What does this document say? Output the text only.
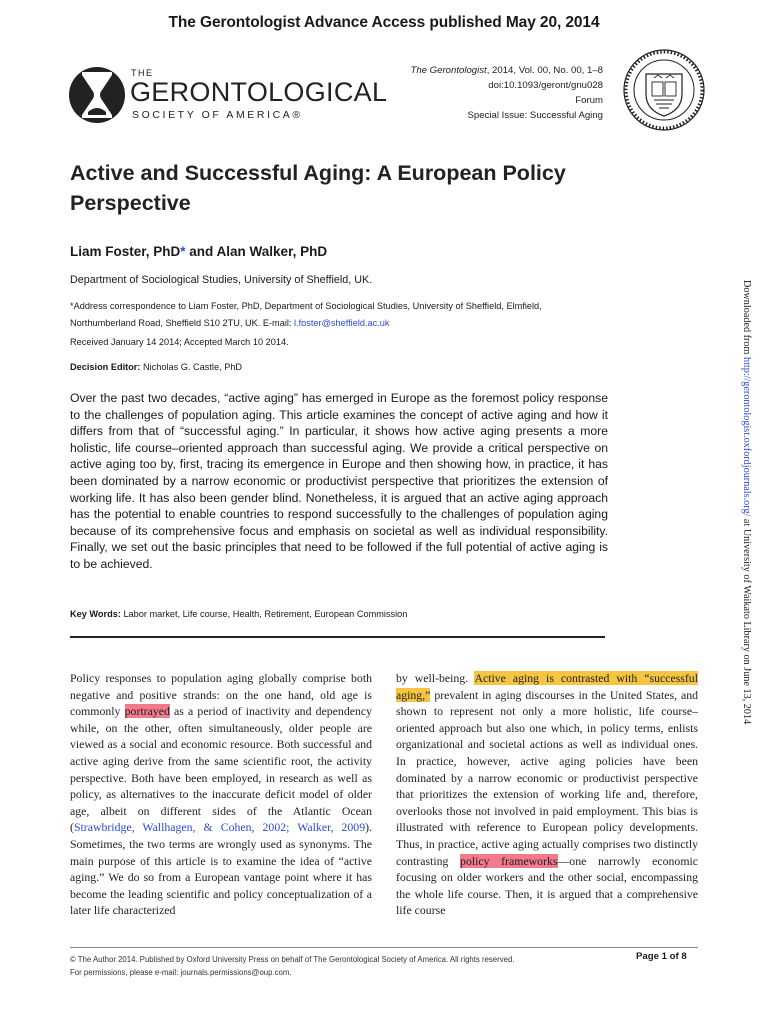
The Gerontologist Advance Access published May 20, 2014
THE
GERONTOLOGICAL
SOCIETY OF AMERICA®
The Gerontologist, 2014, Vol. 00, No. 00, 1–8
doi:10.1093/geront/gnu028
Forum
Special Issue: Successful Aging
Active and Successful Aging: A European Policy Perspective
Liam Foster, PhD* and Alan Walker, PhD
Department of Sociological Studies, University of Sheffield, UK.
*Address correspondence to Liam Foster, PhD, Department of Sociological Studies, University of Sheffield, Elmfield, Northumberland Road, Sheffield S10 2TU, UK. E-mail: l.foster@sheffield.ac.uk
Received January 14 2014; Accepted March 10 2014.
Decision Editor: Nicholas G. Castle, PhD
Over the past two decades, “active aging” has emerged in Europe as the foremost policy response to the challenges of population aging. This article examines the concept of active aging and how it differs from that of “successful aging.” In particular, it shows how active aging presents a more holistic, life course–oriented approach than successful aging. We provide a critical perspective on active aging too by, first, tracing its emergence in Europe and then showing how, in practice, it has been dominated by a narrow economic or productivist perspective that prioritizes the extension of working life. It has also been gender blind. Nonetheless, it is argued that an active aging approach has the potential to enable countries to respond successfully to the challenges of population aging because of its comprehensive focus and emphasis on societal as well as individual responsibility. Finally, we set out the basic principles that need to be followed if the full potential of active aging is to be achieved.
Key Words: Labor market, Life course, Health, Retirement, European Commission
Policy responses to population aging globally comprise both negative and positive strands: on the one hand, old age is commonly portrayed as a period of inactivity and dependency while, on the other, often simultaneously, older people are viewed as a social and economic resource. Both successful and active aging derive from the same scientific root, the activity perspective. Both have been employed, in research as well as policy, as alternatives to the inaccurate deficit model of older age, albeit on different sides of the Atlantic Ocean (Strawbridge, Wallhagen, & Cohen, 2002; Walker, 2009). Sometimes, the two terms are wrongly used as synonyms. The main purpose of this article is to examine the idea of “active aging.” We do so from a European vantage point where it has become the leading scientific and policy conceptualization of a later life characterized
by well-being. Active aging is contrasted with “successful aging,” prevalent in aging discourses in the United States, and shown to represent not only a more holistic, life course–oriented approach but also one which, in policy terms, enlists organizational and societal actions as well as individual ones. In practice, however, active aging policies have been dominated by a narrow economic or productivist perspective that prioritizes the extension of working life and, therefore, overlooks those not involved in paid employment. This bias is illustrated with reference to European policy developments. Thus, in practice, active aging actually comprises two distinctly contrasting policy frameworks—one narrowly economic focusing on older workers and the other social, encompassing the whole life course. Then, it is argued that a comprehensive life course
© The Author 2014. Published by Oxford University Press on behalf of The Gerontological Society of America. All rights reserved.
For permissions, please e-mail: journals.permissions@oup.com.
Page 1 of 8
Downloaded from http://gerontologist.oxfordjournals.org/ at University of Waikato Library on June 13, 2014
